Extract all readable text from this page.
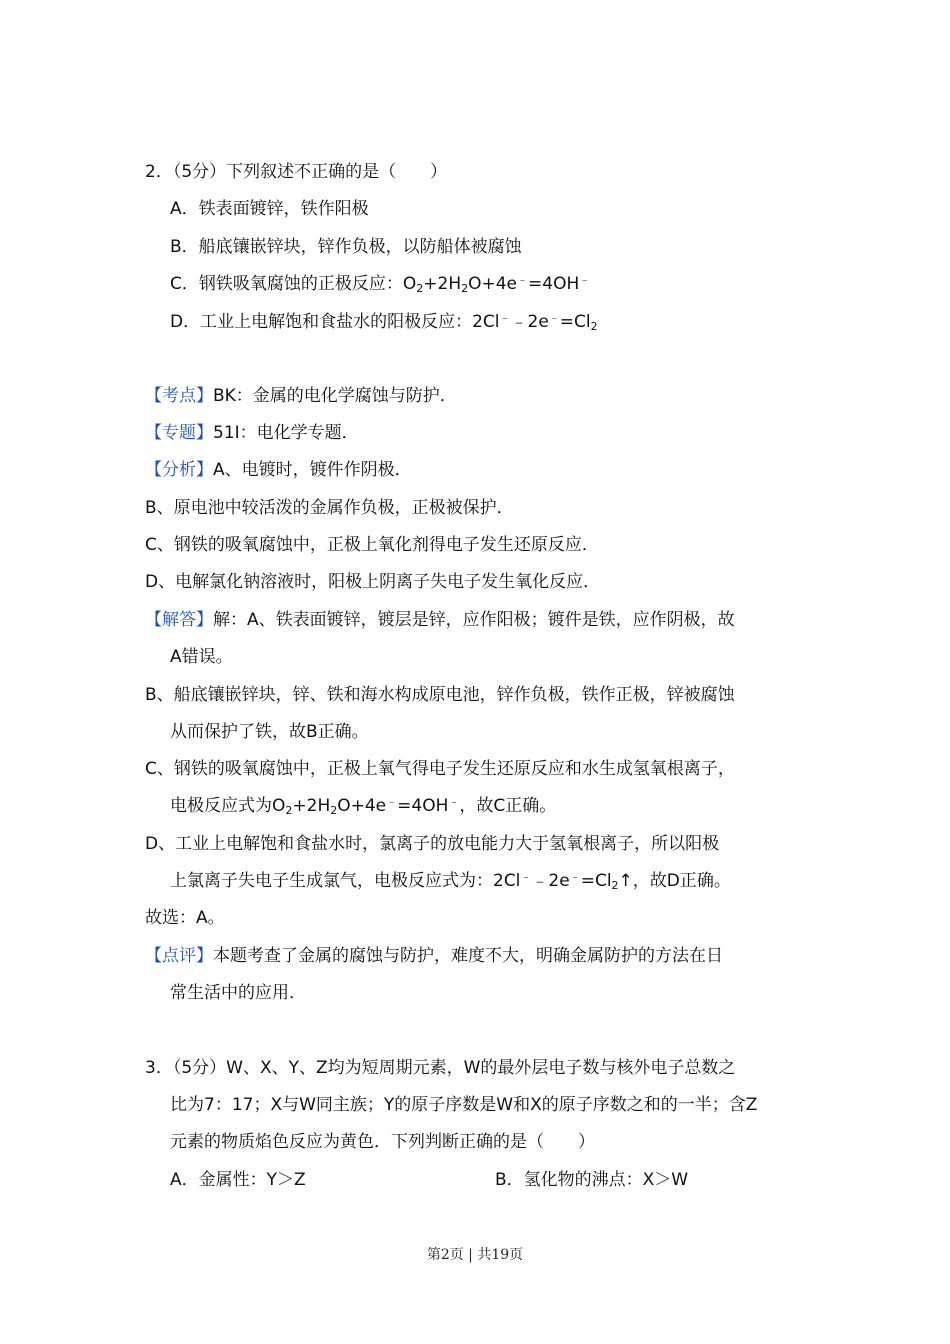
2．（5分）下列叙述不正确的是（　　）
A．铁表面镀锌，铁作阳极
B．船底镶嵌锌块，锌作负极，以防船体被腐蚀
C．钢铁吸氧腐蚀的正极反应：$O_2+2H_2O+4e^﹣=4OH^﹣$
D．工业上电解饱和食盐水的阳极反应：$2Cl^﹣﹣2e^﹣=Cl_2$
【考点】BK：金属的电化学腐蚀与防护．
【专题】51I：电化学专题．
【分析】A、电镀时，镀件作阴极．
B、原电池中较活泼的金属作负极，正极被保护．
C、钢铁的吸氧腐蚀中，正极上氧化剂得电子发生还原反应．
D、电解氯化钠溶液时，阳极上阴离子失电子发生氧化反应．
【解答】解：A、铁表面镀锌，镀层是锌，应作阳极；镀件是铁，应作阴极，故
A错误。
B、船底镶嵌锌块，锌、铁和海水构成原电池，锌作负极，铁作正极，锌被腐蚀
从而保护了铁，故B正确。
C、钢铁的吸氧腐蚀中，正极上氧气得电子发生还原反应和水生成氢氧根离子，
电极反应式为$O_2+2H_2O+4e^﹣=4OH^﹣$，故C正确。
D、工业上电解饱和食盐水时，氯离子的放电能力大于氢氧根离子，所以阳极
上氯离子失电子生成氯气，电极反应式为：$2Cl^﹣﹣2e^﹣=Cl_2↑$，故D正确。
故选：A。
【点评】本题考查了金属的腐蚀与防护，难度不大，明确金属防护的方法在日
常生活中的应用．
3．（5分）W、X、Y、Z均为短周期元素，W的最外层电子数与核外电子总数之
比为7：17；X与W同主族；Y的原子序数是W和X的原子序数之和的一半；含Z
元素的物质焰色反应为黄色．下列判断正确的是（　　）
A．金属性：Y＞Z	B．氢化物的沸点：X＞W
第2页 | 共19页
